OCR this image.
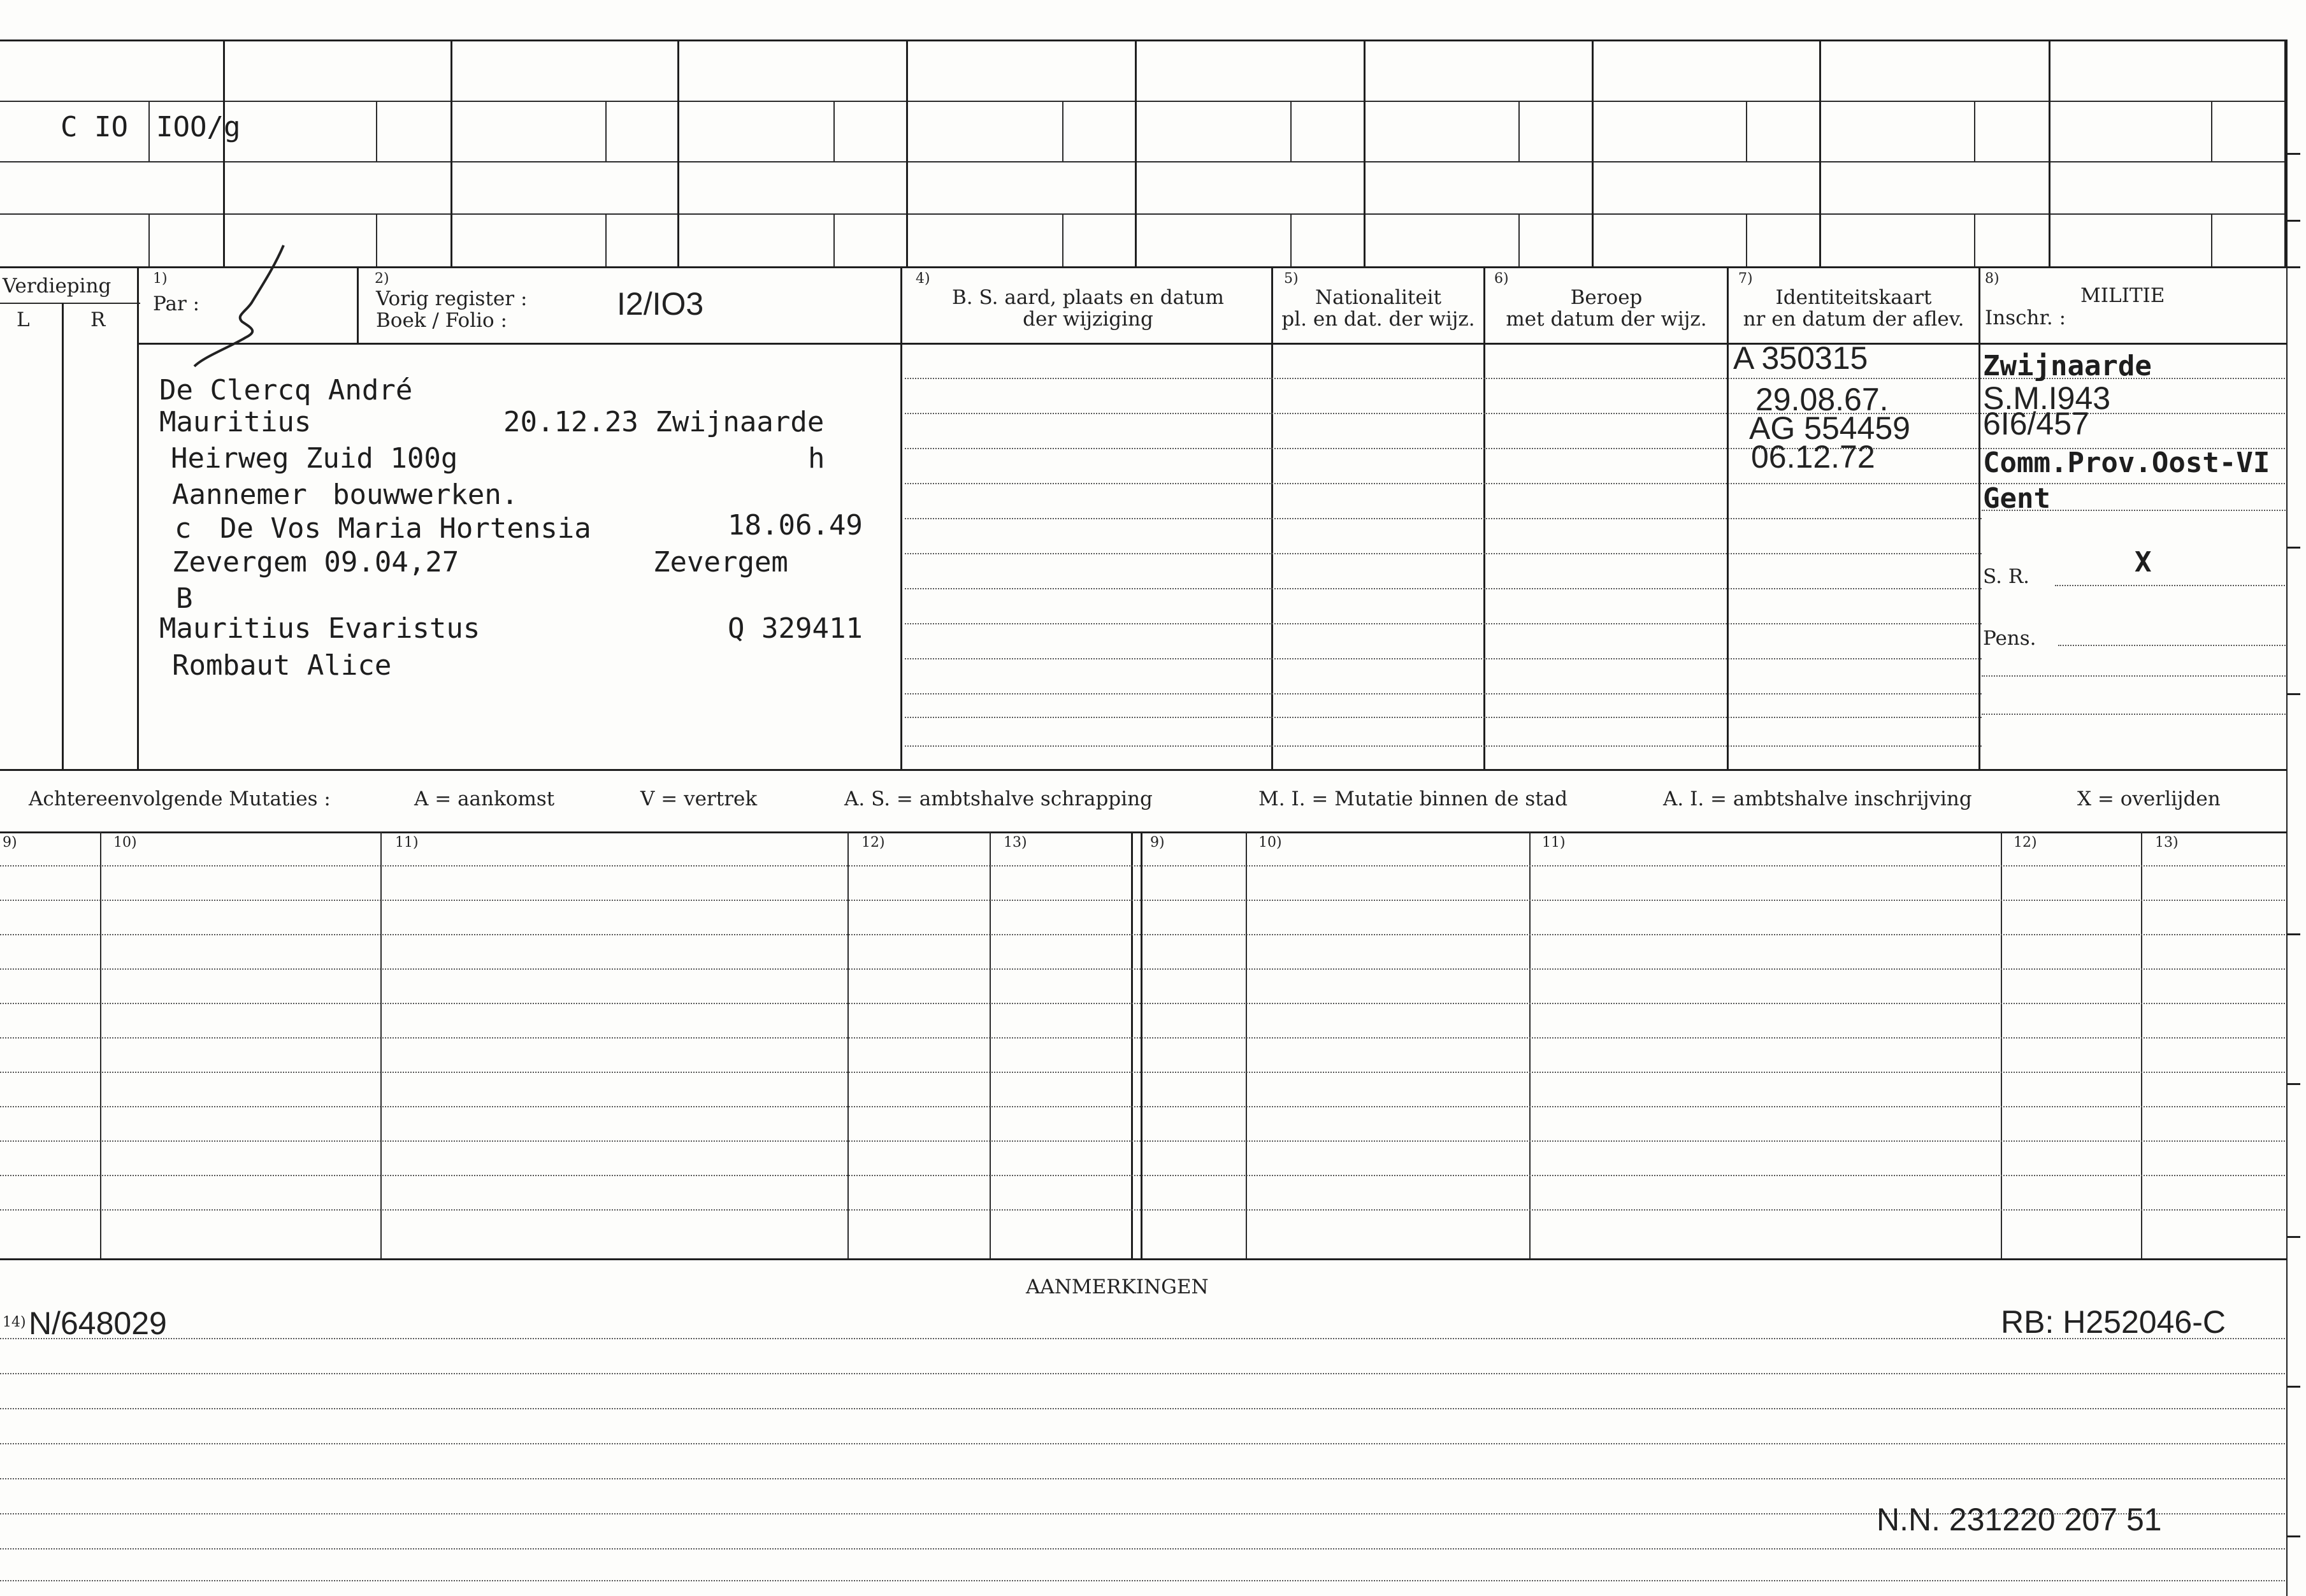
C IO IOO/g
Verdieping
L	R
1)
Par :
2)
Vorig register :
Boek / Folio :	I2/IO3
4)
B. S. aard, plaats en datum
der wijziging
5)
Nationaliteit
pl. en dat. der wijz.
6)
Beroep
met datum der wijz.
7)
Identiteitskaart
nr en datum der aflev.
8)
MILITIE
Inschr. :
De Clercq André
Mauritius	20.12.23 Zwijnaarde
Heirweg Zuid 100g	h
Aannemer bouwwerken.
c De Vos Maria Hortensia	18.06.49
Zevergem 09.04,27	Zevergem
B
Mauritius Evaristus	Q 329411
Rombaut Alice
A 350315
29.08.67.
AG 554459
06.12.72
Zwijnaarde
S.M.I943
6I6/457
Comm.Prov.Oost-VI
Gent
S. R.	X
Pens.
Achtereenvolgende Mutaties :	A = aankomst	V = vertrek	A. S. = ambtshalve schrapping	M. I. = Mutatie binnen de stad	A. I. = ambtshalve inschrijving	X = overlijden
9)	10)	11)	12)	13)	9)	10)	11)	12)	13)
AANMERKINGEN
14) N/648029	RB: H252046-C
N.N. 231220 207 51
